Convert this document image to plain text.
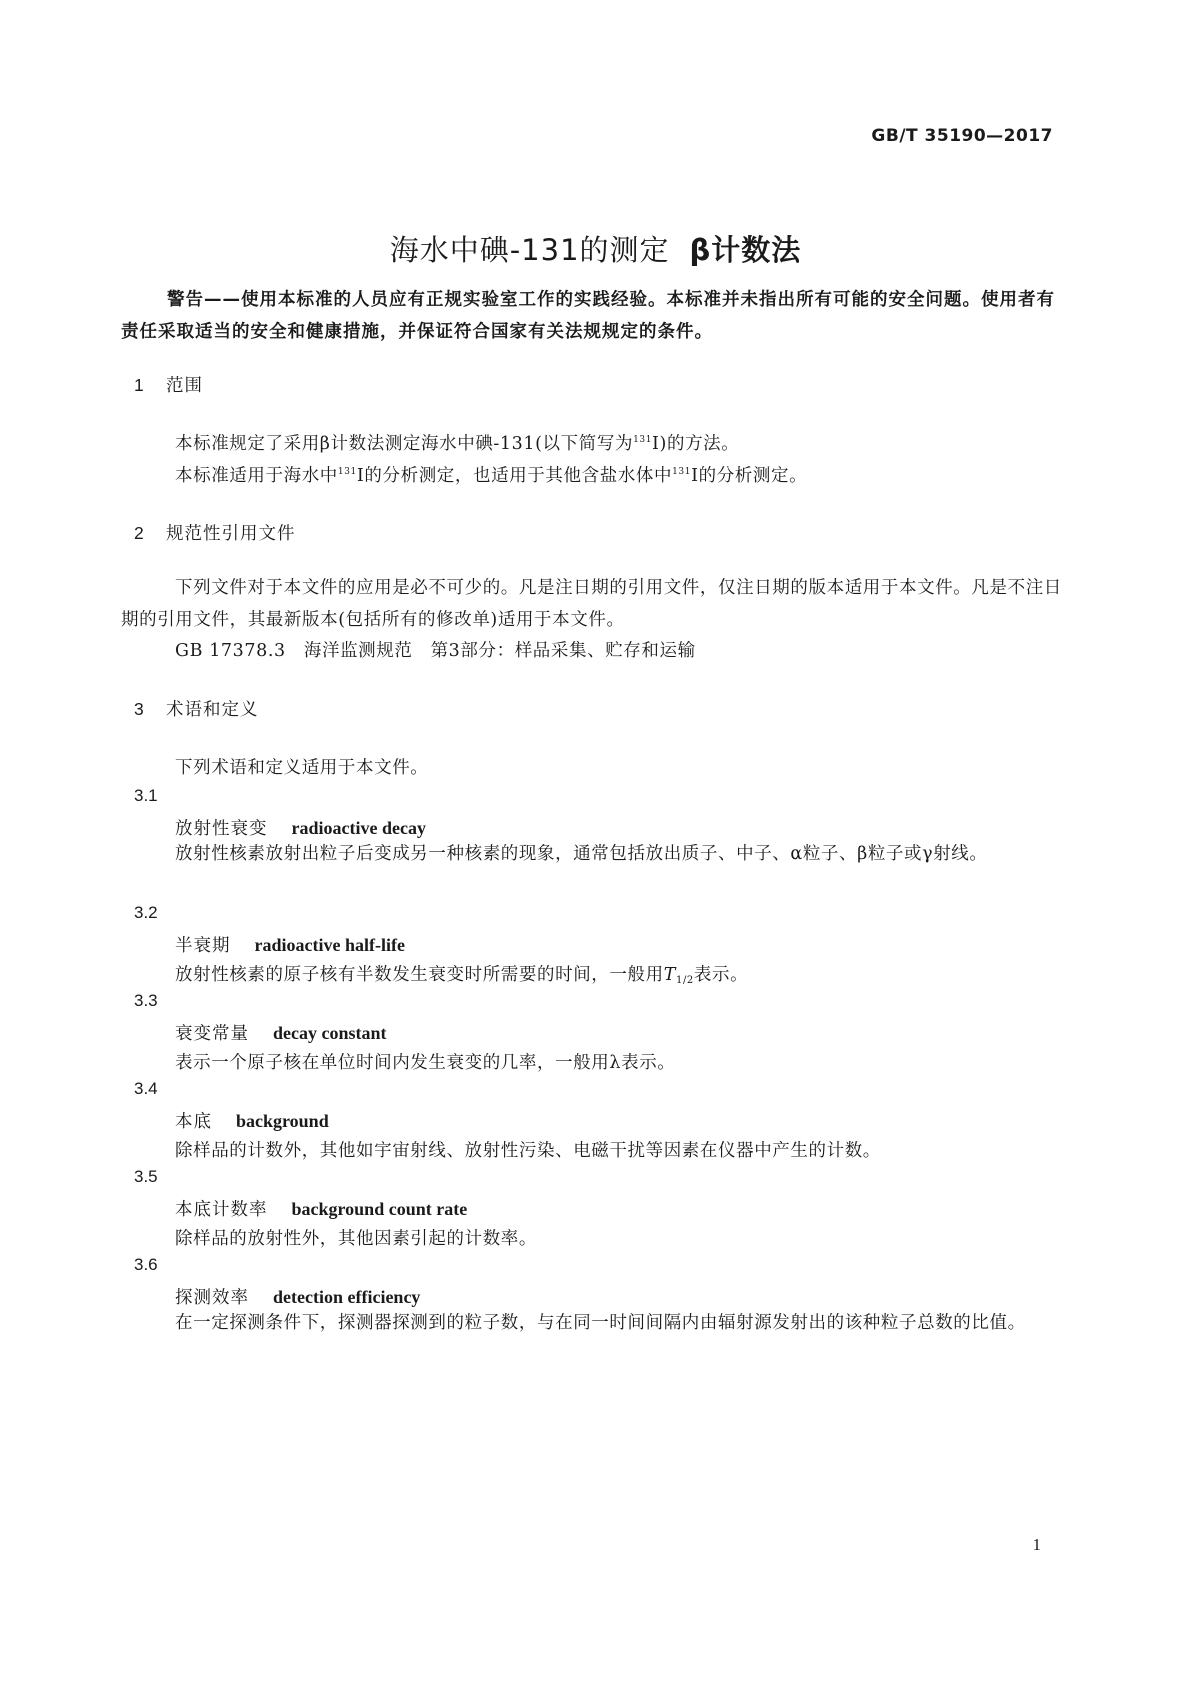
GB/T 35190—2017
海水中碘-131的测定 β计数法
警告——使用本标准的人员应有正规实验室工作的实践经验。本标准并未指出所有可能的安全问题。使用者有责任采取适当的安全和健康措施，并保证符合国家有关法规规定的条件。
1 范围
本标准规定了采用β计数法测定海水中碘-131(以下简写为$^{131}$I)的方法。
本标准适用于海水中$^{131}$I的分析测定，也适用于其他含盐水体中$^{131}$I的分析测定。
2 规范性引用文件
下列文件对于本文件的应用是必不可少的。凡是注日期的引用文件，仅注日期的版本适用于本文件。凡是不注日期的引用文件，其最新版本(包括所有的修改单)适用于本文件。
GB 17378.3　海洋监测规范　第3部分：样品采集、贮存和运输
3 术语和定义
下列术语和定义适用于本文件。
3.1
放射性衰变 radioactive decay
放射性核素放射出粒子后变成另一种核素的现象，通常包括放出质子、中子、α粒子、β粒子或γ射线。
3.2
半衰期 radioactive half-life
放射性核素的原子核有半数发生衰变时所需要的时间，一般用$T_{1/2}$表示。
3.3
衰变常量 decay constant
表示一个原子核在单位时间内发生衰变的几率，一般用λ表示。
3.4
本底 background
除样品的计数外，其他如宇宙射线、放射性污染、电磁干扰等因素在仪器中产生的计数。
3.5
本底计数率 background count rate
除样品的放射性外，其他因素引起的计数率。
3.6
探测效率 detection efficiency
在一定探测条件下，探测器探测到的粒子数，与在同一时间间隔内由辐射源发射出的该种粒子总数的比值。
1
